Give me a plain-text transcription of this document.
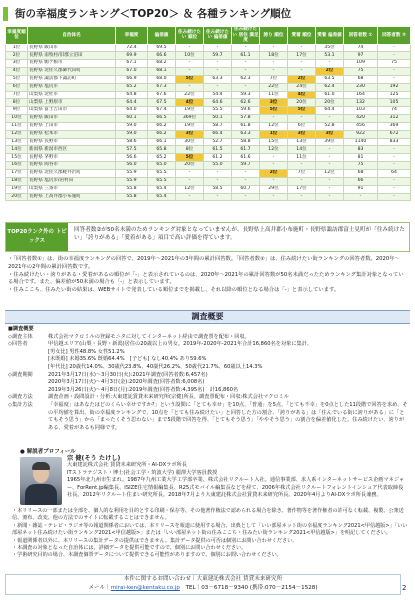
街の幸福度ランキング＜TOP20＞ ＆ 各種ランキング順位
幸福度順位	自治体名	幸福度	偏差値	住み続けたい 順位	住み続けたい 偏差値	住み続けたい 居住 満足度	誇り 順位	愛着 順位	愛着 偏差値	回答者数 ①	回答者数 ②
1位	長野県 飯山市	72.4	69.5	-	-	-	-	-	35位	74	-
2位	長野県 南牧村/旧郡立沼田	69.9	66.6	10位	59.7	61.1	18位	17位	53.1	97	-
3位	長野県 駒ケ根市	67.1	68.2	-	-	-	-	-	-	109	75
4位	長野県 北佐久郡御代田町	67.0	68.1	-	-	-	-	-	2位	75	-
5位	長野県 諏訪郡下諏訪町	66.9	68.0	5位	63.3	62.3	7位	2位	63.5	68	-
6位	長野県 塩尻市	65.2	67.3	-	-	-	22位	24位	62.4	230	192
7位	山梨県 北杜市	64.8	67.6	22位	54.4	59.3	11位	4位	61.0	164	125
8位	山梨県 上野原市	64.4	67.5	4位	64.6	62.6	3位	20位	20位	132	105
9位	山梨県 富士吉田市	64.0	67.4	19位	55.5	59.6	5位	5位	64.4	103	74
10位	長野県 飯田市	60.1	66.5	369位	50.1	57.8	-	-	-	420	312
11位	長野県 上田市	59.0	66.2	19位	58.7	61.8	12位	6位	52.8	456	369
12位	長野県 松本市	59.0	66.2	3位	66.4	63.3	1位	3位	3位	922	672
13位	長野県 長野市	58.6	66.1	30位	52.7	58.8	15位	13位	39位	1140	833
14位	新潟県 新潟市西区	57.5	65.8	8位	61.5	61.7	12位	14位	-	83	-
15位	長野県 茅野市	56.6	65.2	5位	61.2	61.6	-	11位	-	81	-
16位	長野県 岡谷市	56.0	65.0	20位	55.0	59.7	-	-	-	75	-
17位	長野県 北佐久郡軽井沢町	55.9	65.5	-	-	-	2位	7位	12位	68	64
18位	長野県 塩尻市/岩村田	55.9	65.5	-	-	-	-	-	-	66	-
19位	山梨県 三条市	55.8	65.4	12位	58.5	60.7	29位	17位	-	91	-
20位	長野県 上高井郡小布施町	55.8	65.4	-	-	-	-	-	-	-	-
TOP20ランク外の トピックス
回答者数②が50名未満のためランキング対象となっていませんが、長野県上高井郡小布施町・長野県諏訪郡富士見町が「住み続けたい」「誇りがある」「愛着がある」項目で高い評価を得ています。

・「回答者数①」は、街の幸福度ランキングの回答で、2019年～2021年の3年間の累計回答数。「回答者数②」は、住み続けたい街ランキングの回答者数。2020年～2021年の2年間の累計回答数です。

・住み続けたい・誇りがある・愛着があるの順位が「-」と表示されているのは、2020年～2021年の累計回答数が50名未満だったためランキング集計対象となっている場合です。また、偏差値が50未満の場合も「-」と表示しています。

・住みここち、住みたい街の結果は、WEBサイトで発表している順位までを掲載し、それ以降の順位となる場合は「-」と表示しています。

調査概要
■調査概要
◇調査主体	株式会社マクロミルの登録モニタに対してインターネット経由で調査票を配布・回収。
◇回答者	甲信越エリア(山梨・長野・新潟)居住の20歳以上の男女。2019年-2020年-2021年合計16,860名を対象に集計。
[男女比] 男性48.8% 女性51.2%
[未既婚] 未婚35.6% 既婚64.4%　[子ども] なし40.4% あり59.6%
[年代比] 20歳代14.0%、30歳代23.8%、40歳代26.2%、50歳代21.7%、60歳以上14.3%
◇調査期間	2021年3月17日(水)～3月30日(火):2021年調査(回答者数:6,457名)
2020年3月17日(火)～4月3日(金):2020年調査(回答者数:6,008名)
2019年3月26日(火)～4月8日(月):2019年調査(回答者数:4,395名)　計16,860名
◇調査方法	調査企画・設問設計・分析:大東建託賃貸未来研究所(宗健)所長、調査票配布・回収:株式会社マクロミル
◇集計方法	「幸福度」はあなたはどのくらい幸せですか?」という設問に「とても幸せ」を10点、「普通」を5点、「とても不幸」を0点とした11段階で回答を求め、その平均値を算出。街の幸福度ランキングで、10点を「とても住み続けたい」と回答した方の割合、「誇りがある」は「住んでいる街に誇りがある」に「とてもそう思う」から「まったくそう思わない」まで5段階で回答を得、「とてもそう思う」「ややそう思う」の割合を偏差値化した。住み続けたい、誇りがある、愛着があるも同様です。
● 解説者プロフィール
宗 健(そう たけし)
大東建託株式会社 賃貸未来研究所・AI-DXラボ所長
ITストラテジスト・博士(社会工学・筑波大学) 麗澤大学客員教授
1965年北九州市生まれ。1987年九州工業大学工学部卒業、株式会社リクルート入社。通信事業部、求人系インターネットサービス企画マネジャー、ForRent.jp編集長、ISIZE住宅情報編集長、R25式モバイル編集長などを経て、2006年株式会社リクルートフォレントインシュア代表取締役社長。2012年リクルート住まい研究所長。2018年7月より大東建託株式会社賃貸未来研究所長。2020年4月よりAI-DXラボ所長兼務。

・本リリースの一部または全部を、個人的な利用を目的とする印刷・保存等、その他著作権法で認められる場合を除き、著作物等を著作権者の許可なく転載、複製、公衆送信、頒布、改変、他の方法でのサイトに転載することはできません。

・新聞・雑誌・テレビ・ラジオ等の報道関係者においては、本リリースを報道に使用する場合、出典として「いい部屋ネット街の幸福度ランキング2021<甲信越版>」「いい部屋ネット住み続けたい街ランキング2021<甲信越版>」または「いい部屋ネット街の住みここち・住みたい街ランキング2021<甲信越版>」を明記してください。

・報道関係者以外に、本リリースの集計データの提供はできません。集計データ提供の可否は個別にお問い合わせください。

・本調査の対象となった自治体には、詳細データを提供可能ですので、個別にお問い合わせください。

・学術研究目的の場合、本調査個票データについて提供できる可能性がありますので、個別にお問い合わせください。

本件に関するお問い合わせ｜大東建託株式会社 賃貸未来研究所
メール｜mirai-ken@kentaku.co.jp　 TEL｜03－6718－9340 (携帯:070－2154－1528)	2
